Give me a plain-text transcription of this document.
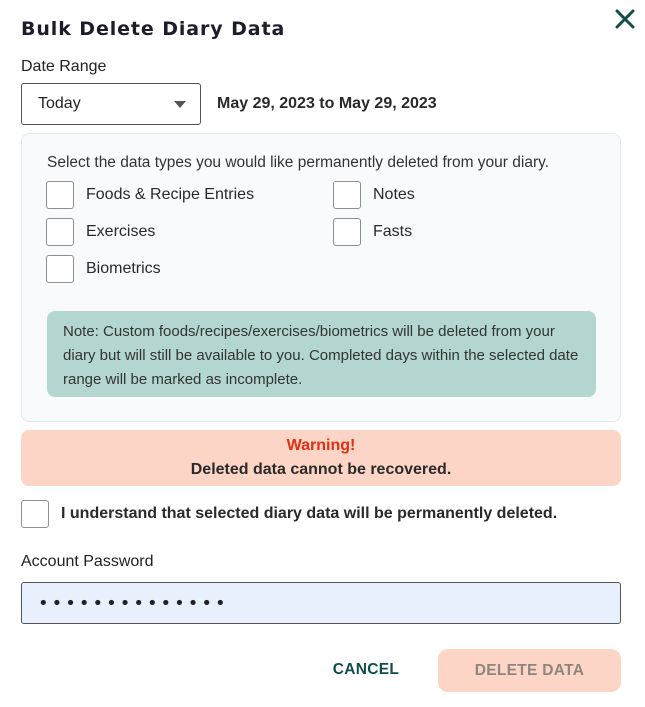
Bulk Delete Diary Data
Date Range
Today	May 29, 2023 to May 29, 2023
Select the data types you would like permanently deleted from your diary.
Foods & Recipe Entries
Exercises
Biometrics
Notes
Fasts
Note: Custom foods/recipes/exercises/biometrics will be deleted from your diary but will still be available to you. Completed days within the selected date range will be marked as incomplete.
Warning!
Deleted data cannot be recovered.
I understand that selected diary data will be permanently deleted.
Account Password
••••••••••••••
CANCEL	DELETE DATA
